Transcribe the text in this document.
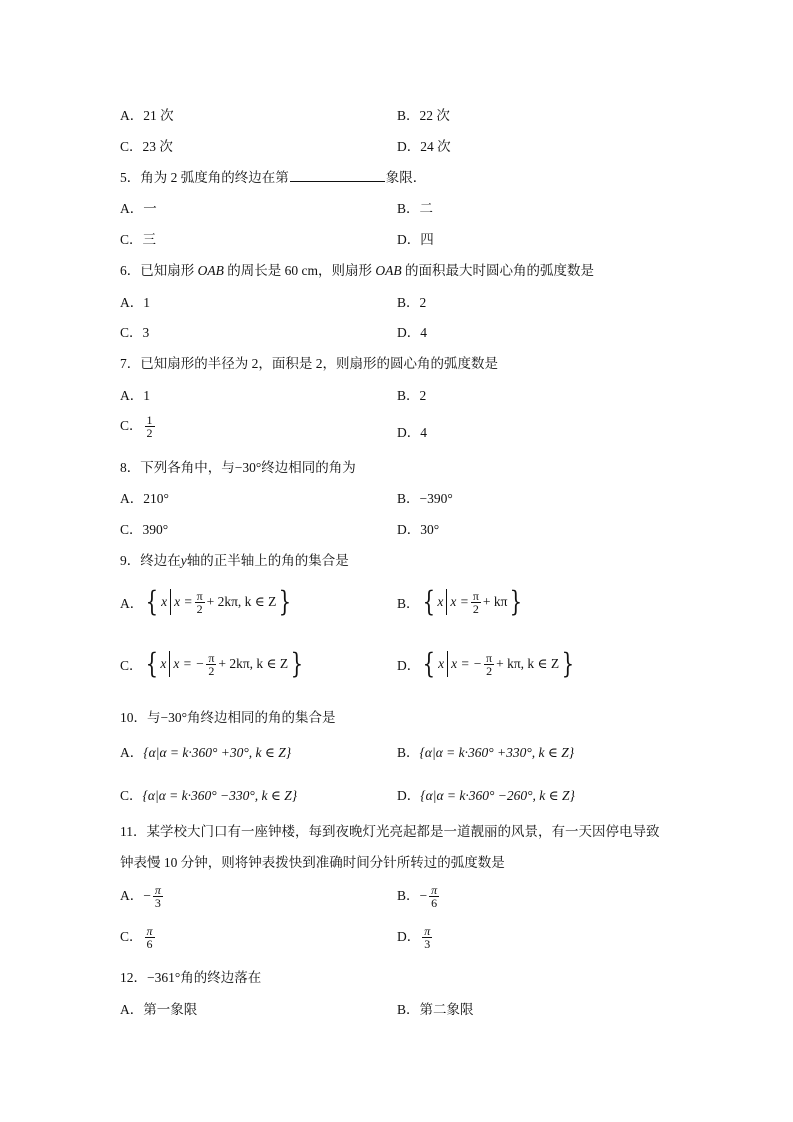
A．21 次	B．22 次
C．23 次	D．24 次
5．角为 2 弧度角的终边在第	象限．
A．一	B．二
C．三	D．四
6．已知扇形 OAB 的周长是 60 cm，则扇形 OAB 的面积最大时圆心角的弧度数是
A．1	B．2
C．3	D．4
7．已知扇形的半径为 2，面积是 2，则扇形的圆心角的弧度数是
A．1	B．2
C． $\frac{1}{2}$	D．4
8．下列各角中，与−30°终边相同的角为
A．210°	B．−390°
C．390°	D．30°
9．终边在y轴的正半轴上的角的集合是
A． { x $x = \frac{\pi}{2} + 2k\pi$, k ∈ Z }	B． { x $x = \frac{\pi}{2} + k\pi$ }
C． { x x = − $\frac{\pi}{2} + 2k\pi$, k ∈ Z }	D． { x x = − $\frac{\pi}{2} + k\pi$, k ∈ Z }
10．与−30°角终边相同的角的集合是
A．{α|α = k·360° +30°, k ∈ Z}	B．{α|α = k·360° +330°, k ∈ Z}
C．{α|α = k·360° −330°, k ∈ Z}	D．{α|α = k·360° −260°, k ∈ Z}
11．某学校大门口有一座钟楼，每到夜晚灯光亮起都是一道靓丽的风景，有一天因停电导致
钟表慢 10 分钟，则将钟表拨快到准确时间分针所转过的弧度数是
A．− $\frac{\pi}{3}$	B．− $\frac{\pi}{6}$
C． $\frac{\pi}{6}$	D． $\frac{\pi}{3}$
12．−361°角的终边落在
A．第一象限	B．第二象限
